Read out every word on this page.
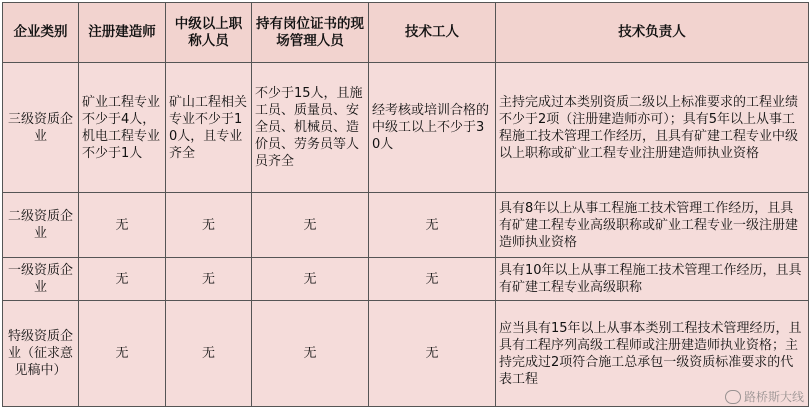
企业类别	注册建造师	中级以上职称人员	持有岗位证书的现场管理人员	技术工人	技术负责人
三级资质企业	矿业工程专业不少于4人，机电工程专业不少于1人	矿山工程相关专业不少于10人，且专业齐全	不少于15人，且施工员、质量员、安全员、机械员、造价员、劳务员等人员齐全	经考核或培训合格的中级工以上不少于30人	主持完成过本类别资质二级以上标准要求的工程业绩不少于2项（注册建造师亦可）；具有5年以上从事工程施工技术管理工作经历，且具有矿建工程专业中级以上职称或矿业工程专业注册建造师执业资格
二级资质企业	无	无	无	无	具有8年以上从事工程施工技术管理工作经历，且具有矿建工程专业高级职称或矿业工程专业一级注册建造师执业资格
一级资质企业	无	无	无	无	具有10年以上从事工程施工技术管理工作经历，且具有矿建工程专业高级职称
特级资质企业（征求意见稿中）	无	无	无	无	应当具有15年以上从事本类别工程技术管理经历，且具有工程序列高级工程师或注册建造师执业资格；主持完成过2项符合施工总承包一级资质标准要求的代表工程
路桥斯大线
